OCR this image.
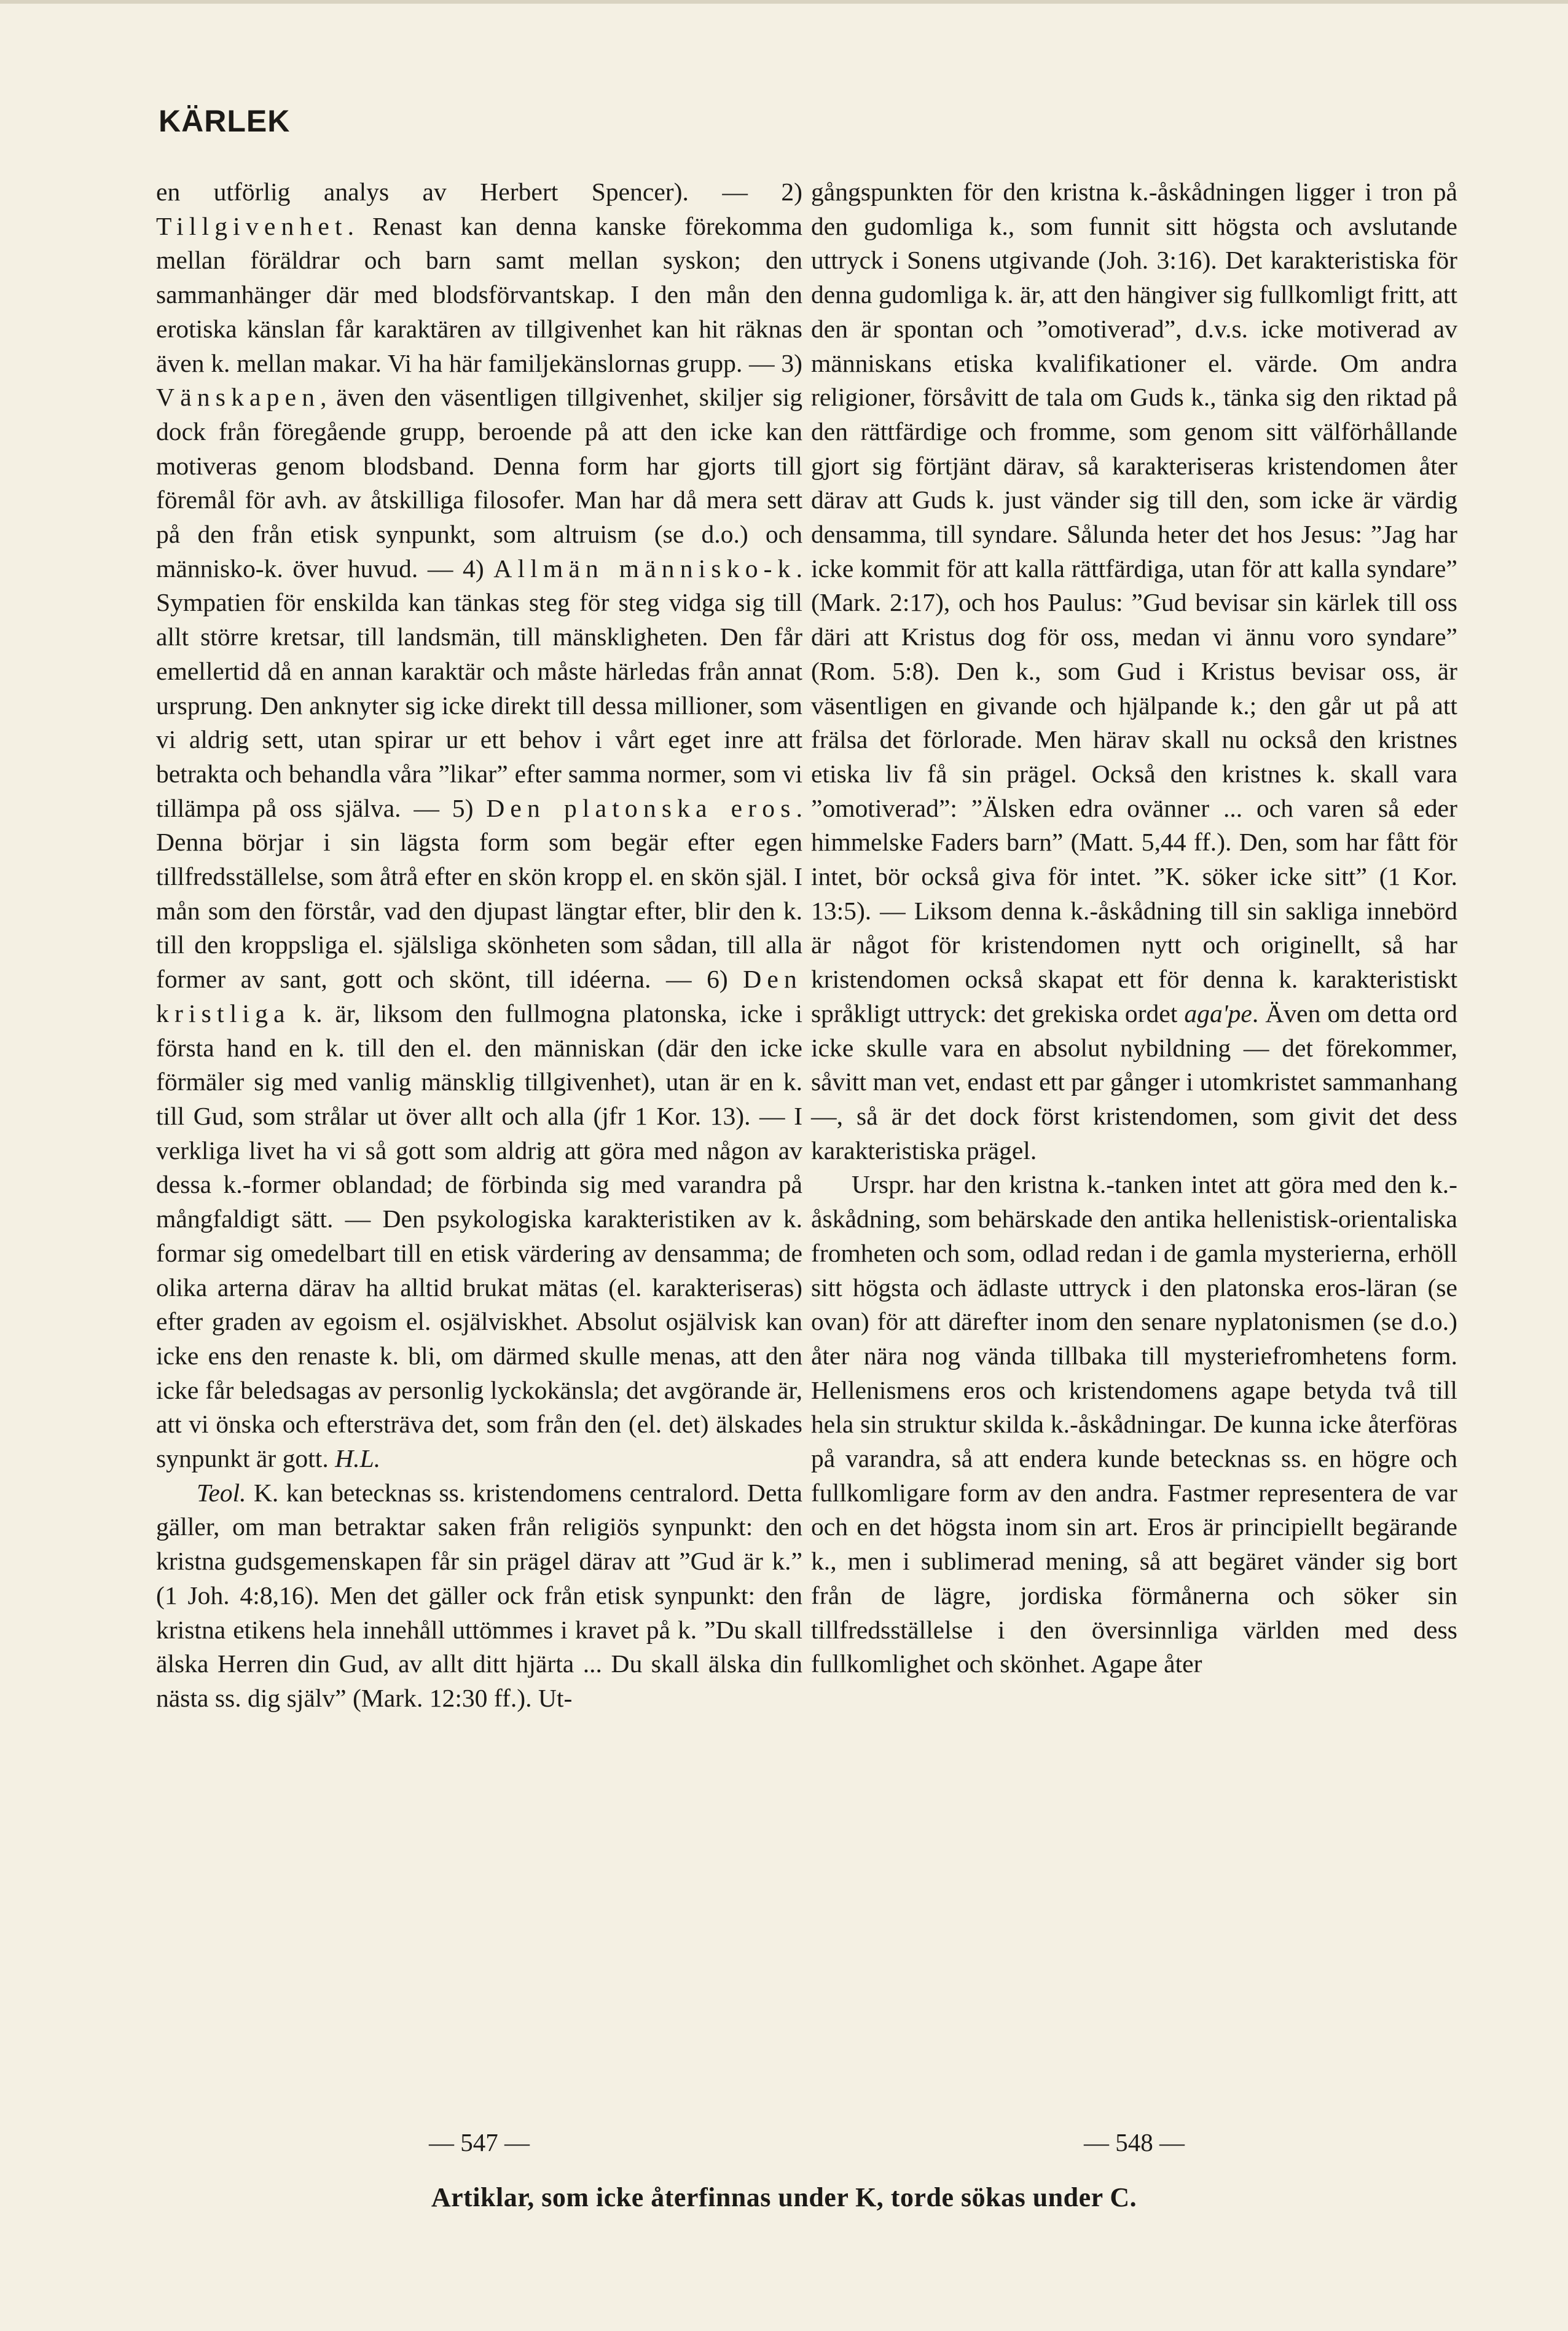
KÄRLEK

en utförlig analys av Herbert Spencer). — 2) Tillgivenhet. Renast kan denna kanske förekomma mellan föräldrar och barn samt mellan syskon; den sammanhänger där med blodsförvantskap. I den mån den erotiska känslan får karaktären av tillgivenhet kan hit räknas även k. mellan makar. Vi ha här familjekänslornas grupp. — 3) Vänskapen, även den väsentligen tillgivenhet, skiljer sig dock från föregående grupp, beroende på att den icke kan motiveras genom blodsband. Denna form har gjorts till föremål för avh. av åtskilliga filosofer. Man har då mera sett på den från etisk synpunkt, som altruism (se d.o.) och människo-k. över huvud. — 4) Allmän människo-k. Sympatien för enskilda kan tänkas steg för steg vidga sig till allt större kretsar, till landsmän, till mänskligheten. Den får emellertid då en annan karaktär och måste härledas från annat ursprung. Den anknyter sig icke direkt till dessa millioner, som vi aldrig sett, utan spirar ur ett behov i vårt eget inre att betrakta och behandla våra ”likar” efter samma normer, som vi tillämpa på oss själva. — 5) Den platonska eros. Denna börjar i sin lägsta form som begär efter egen tillfredsställelse, som åtrå efter en skön kropp el. en skön själ. I mån som den förstår, vad den djupast längtar efter, blir den k. till den kroppsliga el. själsliga skönheten som sådan, till alla former av sant, gott och skönt, till idéerna. — 6) Den kristliga k. är, liksom den fullmogna platonska, icke i första hand en k. till den el. den människan (där den icke förmäler sig med vanlig mänsklig tillgivenhet), utan är en k. till Gud, som strålar ut över allt och alla (jfr 1 Kor. 13). — I verkliga livet ha vi så gott som aldrig att göra med någon av dessa k.-former oblandad; de förbinda sig med varandra på mångfaldigt sätt. — Den psykologiska karakteristiken av k. formar sig omedelbart till en etisk värdering av densamma; de olika arterna därav ha alltid brukat mätas (el. karakteriseras) efter graden av egoism el. osjälviskhet. Absolut osjälvisk kan icke ens den renaste k. bli, om därmed skulle menas, att den icke får beledsagas av personlig lyckokänsla; det avgörande är, att vi önska och eftersträva det, som från den (el. det) älskades synpunkt är gott. H.L.

Teol. K. kan betecknas ss. kristendomens centralord. Detta gäller, om man betraktar saken från religiös synpunkt: den kristna gudsgemenskapen får sin prägel därav att ”Gud är k.” (1 Joh. 4:8,16). Men det gäller ock från etisk synpunkt: den kristna etikens hela innehåll uttömmes i kravet på k. ”Du skall älska Herren din Gud, av allt ditt hjärta ... Du skall älska din nästa ss. dig själv” (Mark. 12:30 ff.). Ut-

gångspunkten för den kristna k.-åskådningen ligger i tron på den gudomliga k., som funnit sitt högsta och avslutande uttryck i Sonens utgivande (Joh. 3:16). Det karakteristiska för denna gudomliga k. är, att den hängiver sig fullkomligt fritt, att den är spontan och ”omotiverad”, d.v.s. icke motiverad av människans etiska kvalifikationer el. värde. Om andra religioner, försåvitt de tala om Guds k., tänka sig den riktad på den rättfärdige och fromme, som genom sitt välförhållande gjort sig förtjänt därav, så karakteriseras kristendomen åter därav att Guds k. just vänder sig till den, som icke är värdig densamma, till syndare. Sålunda heter det hos Jesus: ”Jag har icke kommit för att kalla rättfärdiga, utan för att kalla syndare” (Mark. 2:17), och hos Paulus: ”Gud bevisar sin kärlek till oss däri att Kristus dog för oss, medan vi ännu voro syndare” (Rom. 5:8). Den k., som Gud i Kristus bevisar oss, är väsentligen en givande och hjälpande k.; den går ut på att frälsa det förlorade. Men härav skall nu också den kristnes etiska liv få sin prägel. Också den kristnes k. skall vara ”omotiverad”: ”Älsken edra ovänner ... och varen så eder himmelske Faders barn” (Matt. 5,44 ff.). Den, som har fått för intet, bör också giva för intet. ”K. söker icke sitt” (1 Kor. 13:5). — Liksom denna k.-åskådning till sin sakliga innebörd är något för kristendomen nytt och originellt, så har kristendomen också skapat ett för denna k. karakteristiskt språkligt uttryck: det grekiska ordet aga'pe. Även om detta ord icke skulle vara en absolut nybildning — det förekommer, såvitt man vet, endast ett par gånger i utomkristet sammanhang —, så är det dock först kristendomen, som givit det dess karakteristiska prägel.

Urspr. har den kristna k.-tanken intet att göra med den k.-åskådning, som behärskade den antika hellenistisk-orientaliska fromheten och som, odlad redan i de gamla mysterierna, erhöll sitt högsta och ädlaste uttryck i den platonska eros-läran (se ovan) för att därefter inom den senare nyplatonismen (se d.o.) åter nära nog vända tillbaka till mysteriefromhetens form. Hellenismens eros och kristendomens agape betyda två till hela sin struktur skilda k.-åskådningar. De kunna icke återföras på varandra, så att endera kunde betecknas ss. en högre och fullkomligare form av den andra. Fastmer representera de var och en det högsta inom sin art. Eros är principiellt begärande k., men i sublimerad mening, så att begäret vänder sig bort från de lägre, jordiska förmånerna och söker sin tillfredsställelse i den översinnliga världen med dess fullkomlighet och skönhet. Agape åter

— 547 —	— 548 —
Artiklar, som icke återfinnas under K, torde sökas under C.
